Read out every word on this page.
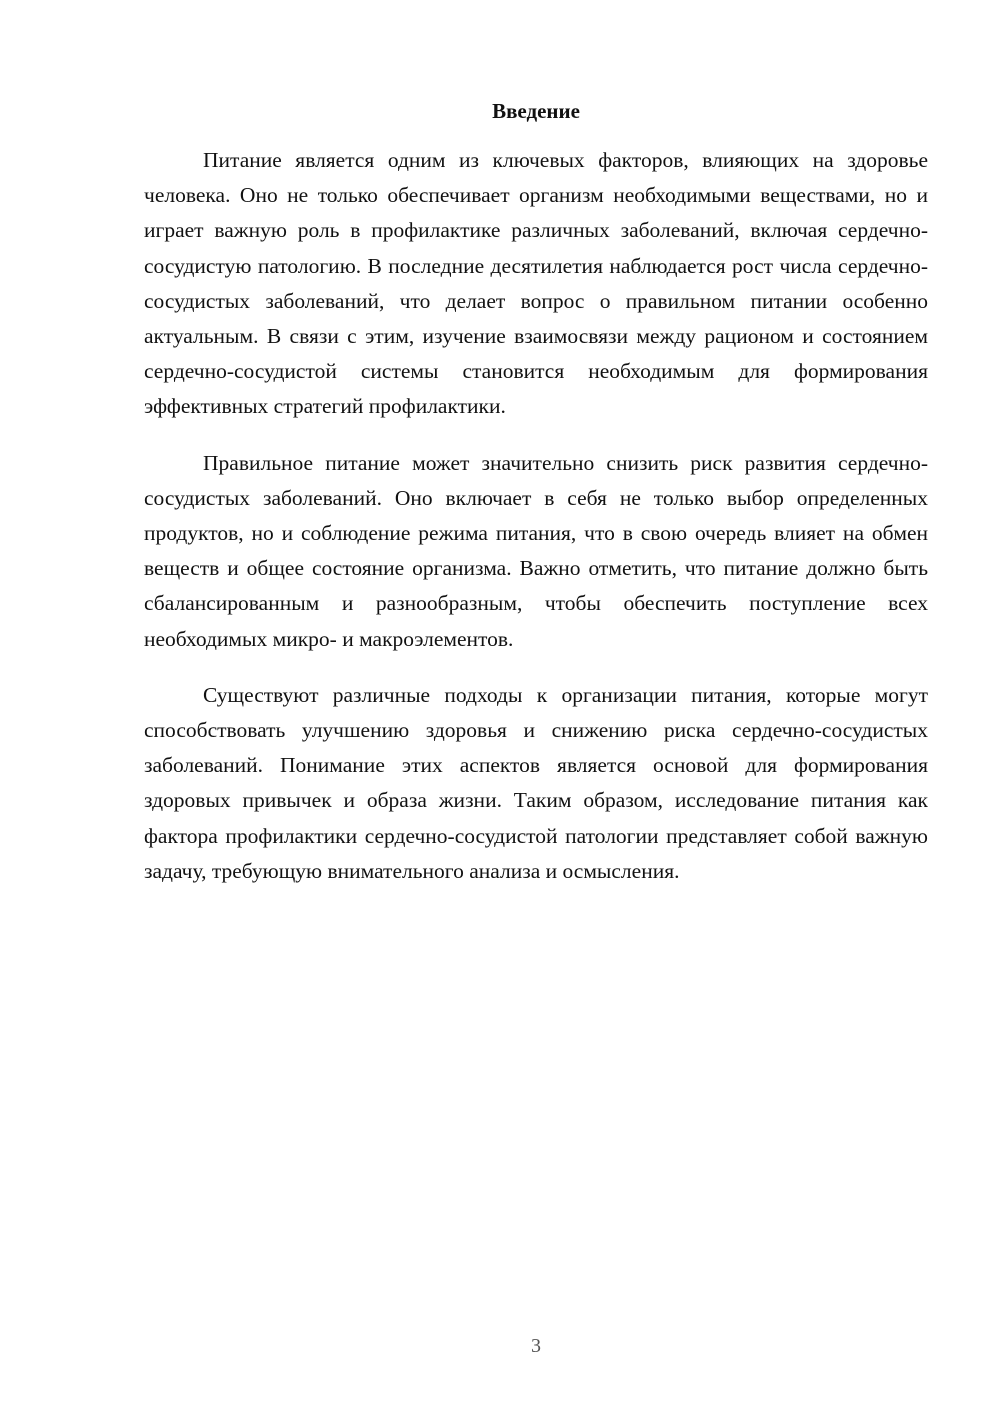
Введение

Питание является одним из ключевых факторов, влияющих на здоровье человека. Оно не только обеспечивает организм необходимыми веществами, но и играет важную роль в профилактике различных заболеваний, включая сердечно-сосудистую патологию. В последние десятилетия наблюдается рост числа сердечно-сосудистых заболеваний, что делает вопрос о правильном питании особенно актуальным. В связи с этим, изучение взаимосвязи между рационом и состоянием сердечно-сосудистой системы становится необходимым для формирования эффективных стратегий профилактики.

Правильное питание может значительно снизить риск развития сердечно-сосудистых заболеваний. Оно включает в себя не только выбор определенных продуктов, но и соблюдение режима питания, что в свою очередь влияет на обмен веществ и общее состояние организма. Важно отметить, что питание должно быть сбалансированным и разнообразным, чтобы обеспечить поступление всех необходимых микро- и макроэлементов.

Существуют различные подходы к организации питания, которые могут способствовать улучшению здоровья и снижению риска сердечно-сосудистых заболеваний. Понимание этих аспектов является основой для формирования здоровых привычек и образа жизни. Таким образом, исследование питания как фактора профилактики сердечно-сосудистой патологии представляет собой важную задачу, требующую внимательного анализа и осмысления.

3
